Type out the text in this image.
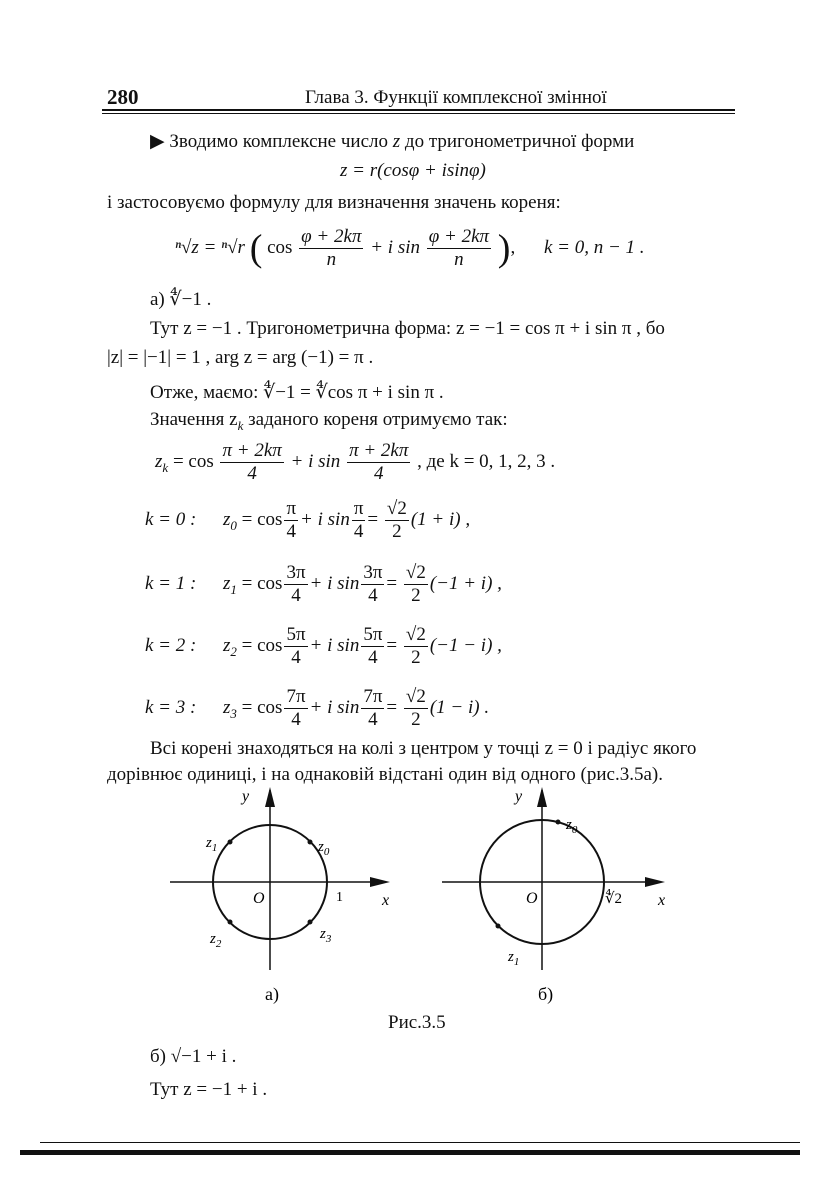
280	Глава 3. Функції комплексної змінної
▶ Зводимо комплексне число z до тригонометричної форми
z = r(cosφ + isinφ)
і застосовуємо формулу для визначення значень кореня:
ⁿ√z = ⁿ√r ( $\cos \frac{\varphi + 2k\pi}{n} + i$ $\sin \frac{\varphi + 2k\pi}{n}$ ), k = 0, n − 1 .
а) ∜−1 .
Тут z = −1 . Тригонометрична форма: z = −1 = cos π + i sin π , бо
|z| = |−1| = 1 , arg z = arg (−1) = π .
Отже, маємо: ∜−1 = ∜cos π + i sin π .
Значення $z_k$ заданого кореня отримуємо так:
$z_k = \cos \frac{\pi + 2k\pi}{4} + i$ $\sin \frac{\pi + 2k\pi}{4}$ , де k = 0, 1, 2, 3 .
k = 0 : $z_0 = \cos \frac{\pi}{4} + i$ $\sin \frac{\pi}{4} = \frac{√2}{2} (1 + i)$ ,
k = 1 : $z_1 = \cos \frac{3\pi}{4} + i$ $\sin \frac{3\pi}{4} = \frac{√2}{2} (-1 + i)$ ,
k = 2 : $z_2 = \cos \frac{5\pi}{4} + i$ $\sin \frac{5\pi}{4} = \frac{√2}{2} (-1 - i)$ ,
k = 3 : $z_3 = \cos \frac{7\pi}{4} + i$ $\sin \frac{7\pi}{4} = \frac{√2}{2} (1 - i)$ .
Всі корені знаходяться на колі з центром у точці z = 0 і радіус якого
дорівнює одиниці, і на однаковій відстані один від одного (рис.3.5а).
y
x
O	1
$z_0$
$z_1$
$z_2$
$z_3$
а)
y
x
O	∜2
$z_0$
$z_1$
б)
Рис.3.5
б) √−1 + i .
Тут z = −1 + i .
